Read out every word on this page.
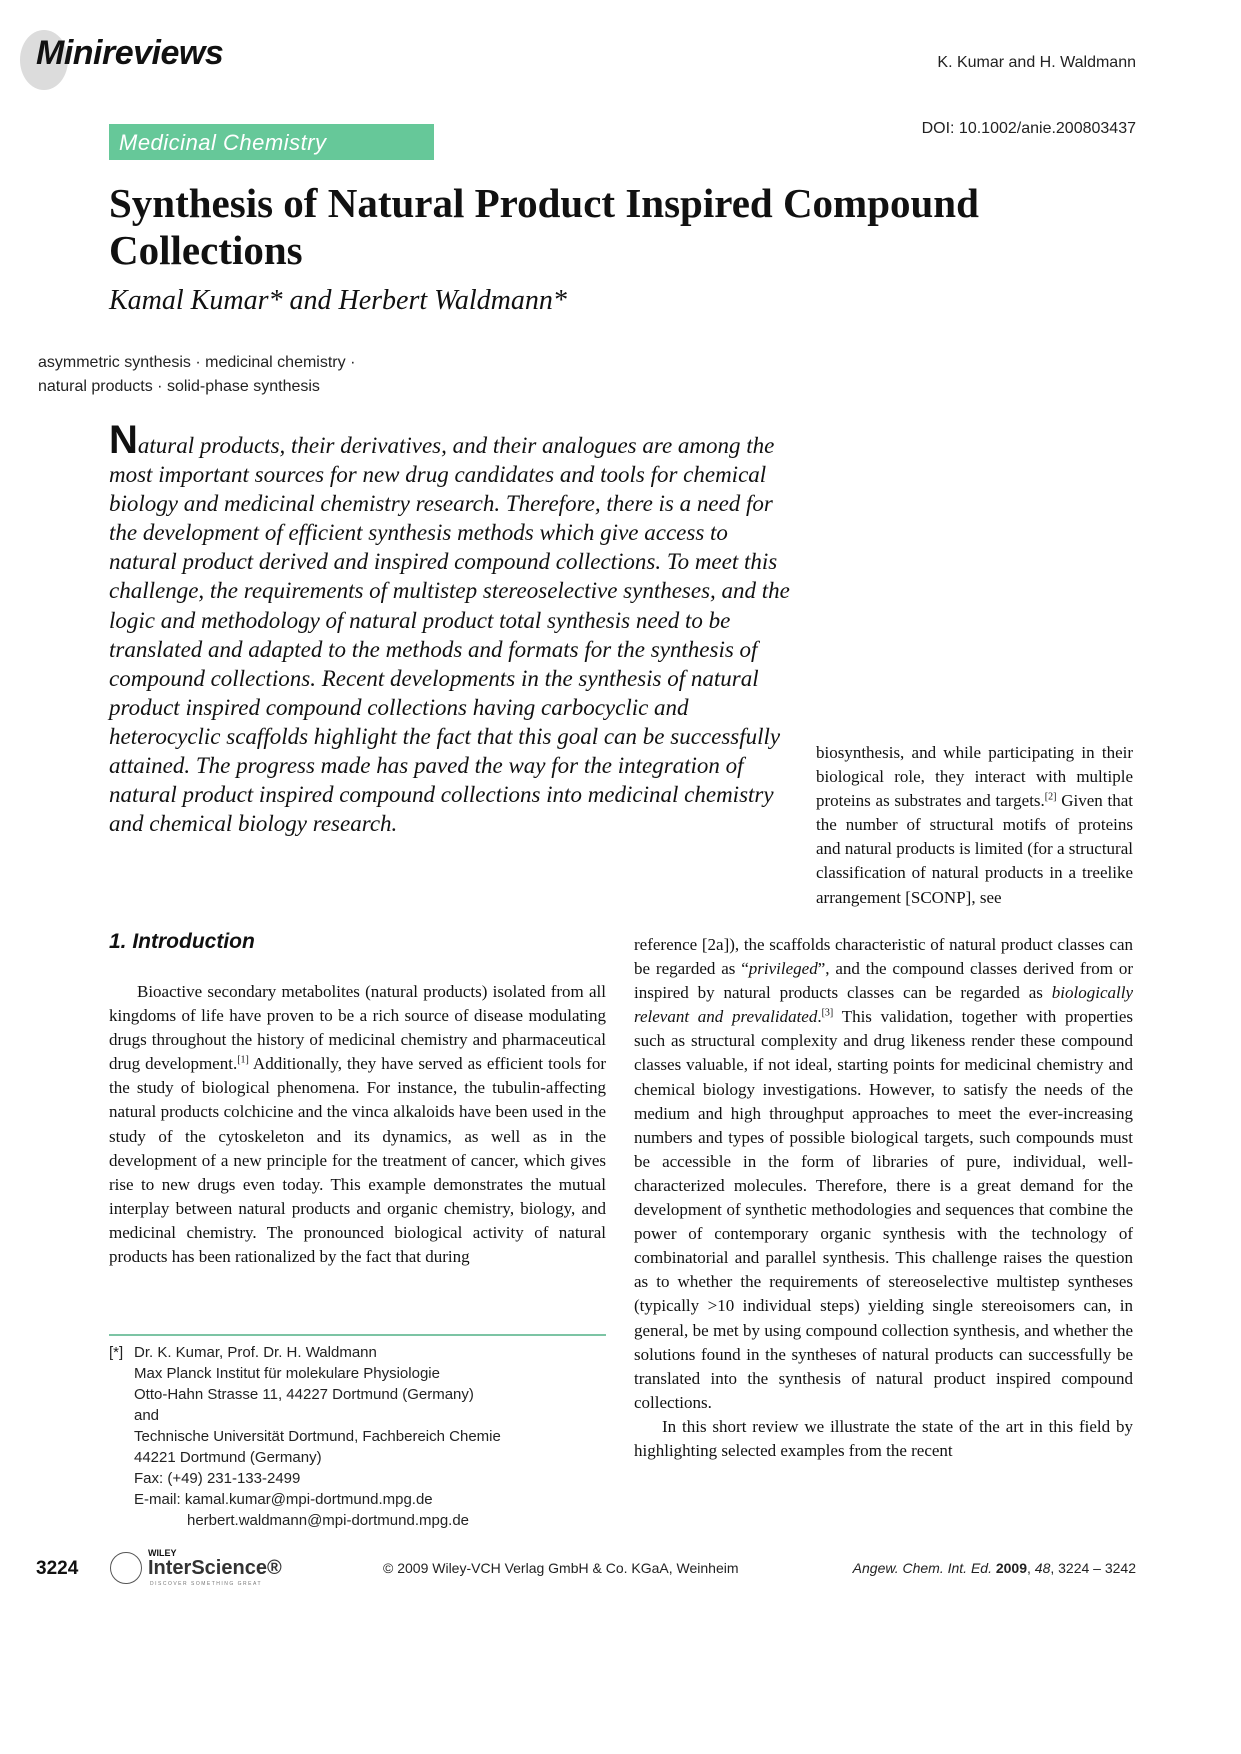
Minireviews	K. Kumar and H. Waldmann
DOI: 10.1002/anie.200803437
Medicinal Chemistry
Synthesis of Natural Product Inspired Compound Collections
Kamal Kumar* and Herbert Waldmann*
asymmetric synthesis · medicinal chemistry ·
natural products · solid-phase synthesis
Natural products, their derivatives, and their analogues are among the most important sources for new drug candidates and tools for chemical biology and medicinal chemistry research. Therefore, there is a need for the development of efficient synthesis methods which give access to natural product derived and inspired compound collections. To meet this challenge, the requirements of multistep stereoselective syntheses, and the logic and methodology of natural product total synthesis need to be translated and adapted to the methods and formats for the synthesis of compound collections. Recent developments in the synthesis of natural product inspired compound collections having carbocyclic and heterocyclic scaffolds highlight the fact that this goal can be successfully attained. The progress made has paved the way for the integration of natural product inspired compound collections into medicinal chemistry and chemical biology research.
biosynthesis, and while participating in their biological role, they interact with multiple proteins as substrates and targets.[2] Given that the number of structural motifs of proteins and natural products is limited (for a structural classification of natural products in a treelike arrangement [SCONP], see
1. Introduction
Bioactive secondary metabolites (natural products) isolated from all kingdoms of life have proven to be a rich source of disease modulating drugs throughout the history of medicinal chemistry and pharmaceutical drug development.[1] Additionally, they have served as efficient tools for the study of biological phenomena. For instance, the tubulin-affecting natural products colchicine and the vinca alkaloids have been used in the study of the cytoskeleton and its dynamics, as well as in the development of a new principle for the treatment of cancer, which gives rise to new drugs even today. This example demonstrates the mutual interplay between natural products and organic chemistry, biology, and medicinal chemistry. The pronounced biological activity of natural products has been rationalized by the fact that during
reference [2a]), the scaffolds characteristic of natural product classes can be regarded as “privileged”, and the compound classes derived from or inspired by natural products classes can be regarded as biologically relevant and prevalidated.[3] This validation, together with properties such as structural complexity and drug likeness render these compound classes valuable, if not ideal, starting points for medicinal chemistry and chemical biology investigations. However, to satisfy the needs of the medium and high throughput approaches to meet the ever-increasing numbers and types of possible biological targets, such compounds must be accessible in the form of libraries of pure, individual, well-characterized molecules. Therefore, there is a great demand for the development of synthetic methodologies and sequences that combine the power of contemporary organic synthesis with the technology of combinatorial and parallel synthesis. This challenge raises the question as to whether the requirements of stereoselective multistep syntheses (typically >10 individual steps) yielding single stereoisomers can, in general, be met by using compound collection synthesis, and whether the solutions found in the syntheses of natural products can successfully be translated into the synthesis of natural product inspired compound collections.
In this short review we illustrate the state of the art in this field by highlighting selected examples from the recent
[*] Dr. K. Kumar, Prof. Dr. H. Waldmann
Max Planck Institut für molekulare Physiologie
Otto-Hahn Strasse 11, 44227 Dortmund (Germany)
and
Technische Universität Dortmund, Fachbereich Chemie
44221 Dortmund (Germany)
Fax: (+49) 231-133-2499
E-mail: kamal.kumar@mpi-dortmund.mpg.de
herbert.waldmann@mpi-dortmund.mpg.de
3224
WILEY
InterScience®
DISCOVER SOMETHING GREAT
© 2009 Wiley-VCH Verlag GmbH & Co. KGaA, Weinheim	Angew. Chem. Int. Ed. 2009, 48, 3224 – 3242
